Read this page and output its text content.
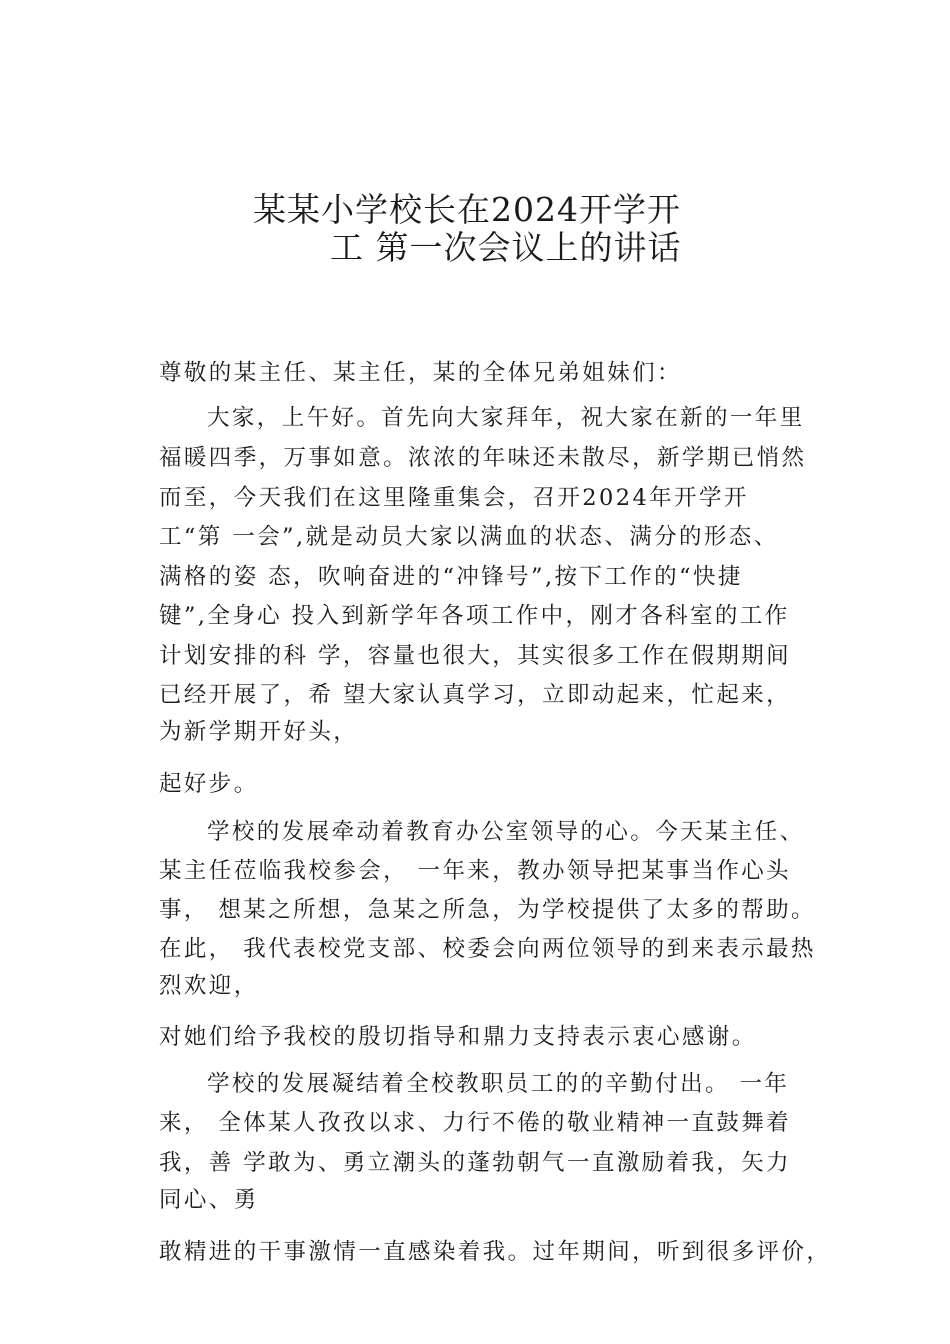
某某小学校长在2024开学开
工 第一次会议上的讲话
尊敬的某主任、某主任，某的全体兄弟姐妹们：
大家，上午好。首先向大家拜年，祝大家在新的一年里
福暖四季，万事如意。浓浓的年味还未散尽，新学期已悄然
而至，今天我们在这里隆重集会，召开2024年开学开
工“第 一会”,就是动员大家以满血的状态、满分的形态、
满格的姿 态，吹响奋进的“冲锋号”,按下工作的“快捷
键”,全身心 投入到新学年各项工作中，刚才各科室的工作
计划安排的科 学，容量也很大，其实很多工作在假期期间
已经开展了，希 望大家认真学习，立即动起来，忙起来，
为新学期开好头，
起好步。
学校的发展牵动着教育办公室领导的心。今天某主任、
某主任莅临我校参会， 一年来，教办领导把某事当作心头
事， 想某之所想，急某之所急，为学校提供了太多的帮助。
在此， 我代表校党支部、校委会向两位领导的到来表示最热
烈欢迎，
对她们给予我校的殷切指导和鼎力支持表示衷心感谢。
学校的发展凝结着全校教职员工的的辛勤付出。 一年
来， 全体某人孜孜以求、力行不倦的敬业精神一直鼓舞着
我，善 学敢为、勇立潮头的蓬勃朝气一直激励着我，矢力
同心、勇
敢精进的干事激情一直感染着我。过年期间，听到很多评价，
